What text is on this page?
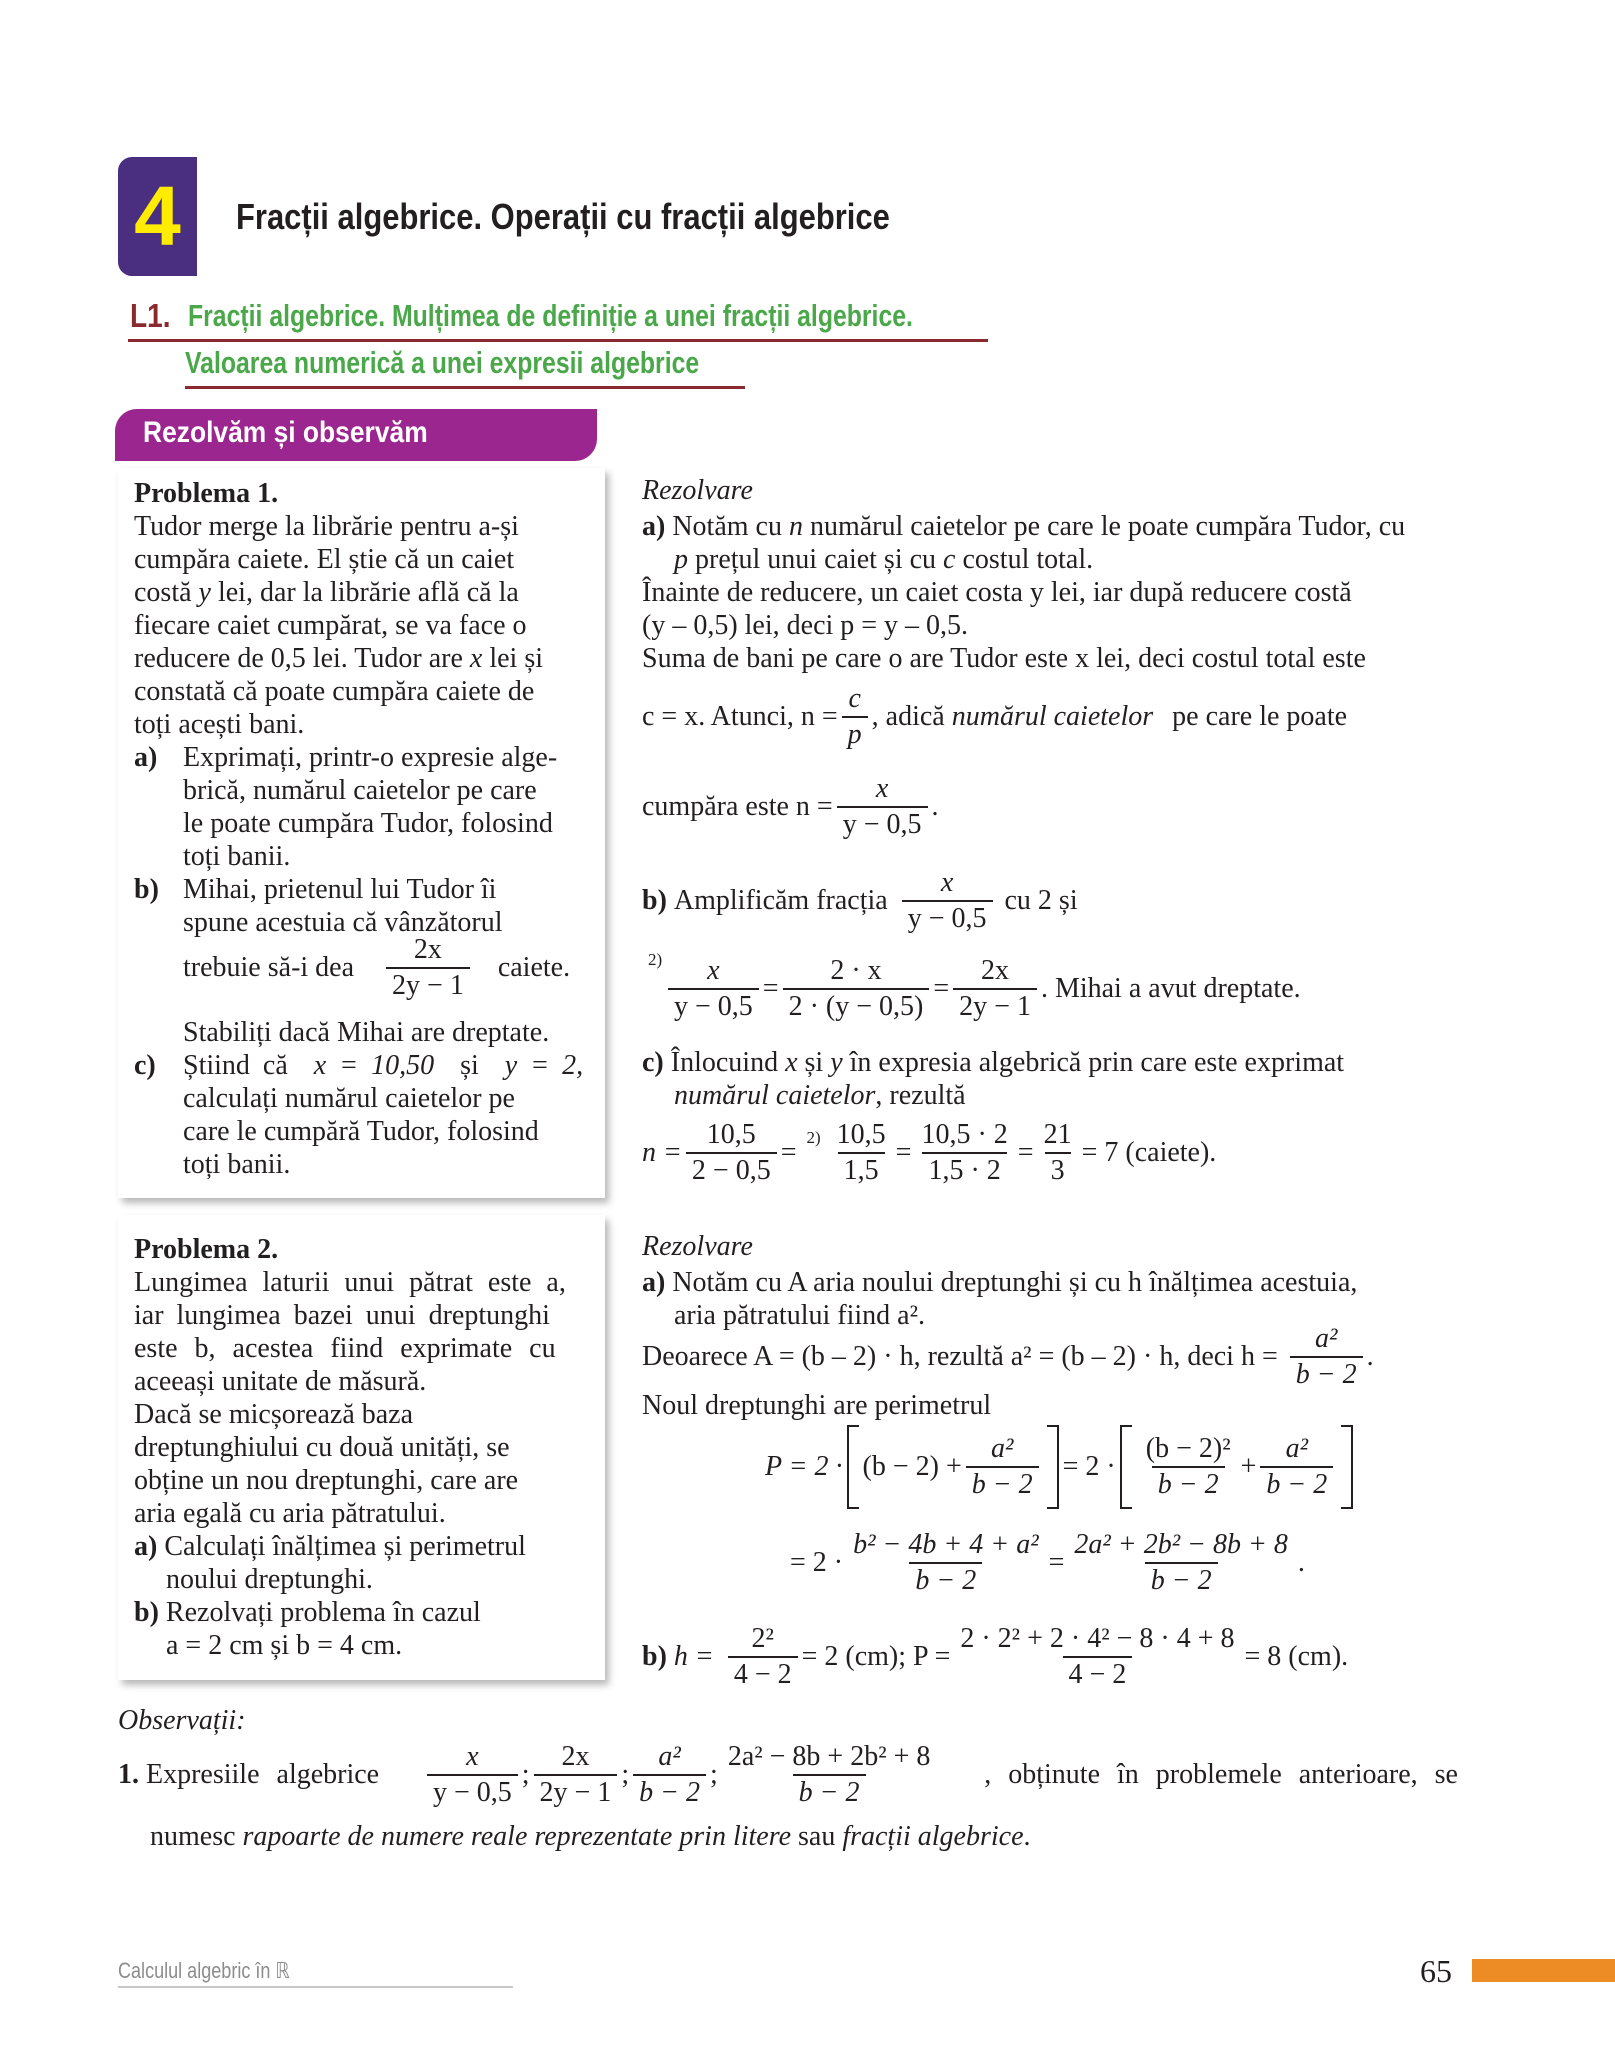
4	Fracții algebrice. Operații cu fracții algebrice
L1. Fracții algebrice. Mulțimea de definiție a unei fracții algebrice.
Valoarea numerică a unei expresii algebrice
Rezolvăm și observăm
Problema 1.
Tudor merge la librărie pentru a-și
cumpăra caiete. El știe că un caiet
costă y lei, dar la librărie află că la
fiecare caiet cumpărat, se va face o
reducere de 0,5 lei. Tudor are x lei și
constată că poate cumpăra caiete de
toți acești bani.
a) Exprimați, printr-o expresie alge-
brică, numărul caietelor pe care
le poate cumpăra Tudor, folosind
toți banii.
b) Mihai, prietenul lui Tudor îi
spune acestuia că vânzătorul
trebuie să-i dea $\frac{2x}{2y - 1}$ caiete.
Stabiliți dacă Mihai are dreptate.
c) Știind că x = 10,50 și y = 2,
calculați numărul caietelor pe
care le cumpără Tudor, folosind
toți banii.
Rezolvare
a) Notăm cu n numărul caietelor pe care le poate cumpăra Tudor, cu
p prețul unui caiet și cu c costul total.
Înainte de reducere, un caiet costa y lei, iar după reducere costă
(y – 0,5) lei, deci p = y – 0,5.
Suma de bani pe care o are Tudor este x lei, deci costul total este
c = x. Atunci, $n = \frac{c}{p}$ , adică
numărul caietelor
pe care le poate
cumpăra este $n = \frac{x}{y - 0,5}$ .
b)
Amplificăm fracția $\frac{x}{y - 0,5}$ cu 2 și
$2) \frac{x}{y - 0,5} = \frac{2 \cdot x}{2 \cdot (y - 0,5)} = \frac{2x}{2y - 1}$ . Mihai a avut dreptate.
c) Înlocuind x și y în expresia algebrică prin care este exprimat
numărul caietelor, rezultă
$n = \frac{10,5}{2 - 0,5} = ^{2)} \frac{10,5}{1,5} = \frac{10,5 \cdot 2}{1,5 \cdot 2} = \frac{21}{3} = 7$ (caiete).
Problema 2.
Lungimea laturii unui pătrat este a,
iar lungimea bazei unui dreptunghi
este b, acestea fiind exprimate cu
aceeași unitate de măsură.
Dacă se micșorează baza
dreptunghiului cu două unități, se
obține un nou dreptunghi, care are
aria egală cu aria pătratului.
a) Calculați înălțimea și perimetrul
noului dreptunghi.
b) Rezolvați problema în cazul
a = 2 cm și b = 4 cm.
Rezolvare
a) Notăm cu A aria noului dreptunghi și cu h înălțimea acestuia,
aria pătratului fiind a².
Deoarece A = (b – 2) · h, rezultă a² = (b – 2) · h, deci $h = \frac{\text{a²}}{b - 2}$ .
Noul dreptunghi are perimetrul
$P = 2 \cdot (b - 2) + \frac{\text{a²}}{b - 2} = 2 \cdot \frac{\text{(b − 2)²}}{b - 2} + \frac{\text{a²}}{b - 2}$
= $2 \cdot \frac{\text{b² − 4b + 4 + a²}}{b - 2} = \frac{\text{2a² + 2b² − 8b + 8}}{b - 2}$ .
b)
$h = \frac{\text{2²}}{4 - 2} = 2$ (cm); $P = \frac{\text{2 · 2² + 2 · 4² − 8 · 4 + 8}}{4 - 2} = 8$ (cm).
Observații:
1. Expresiile algebrice $\frac{x}{y - 0,5}$ ; $\frac{2x}{2y - 1}$ ; $\frac{\text{a²}}{b - 2}$ ; $\frac{\text{2a² − 8b + 2b² + 8}}{b - 2}$ , obținute în problemele anterioare, se
numesc rapoarte de numere reale reprezentate prin litere sau fracții algebrice.
Calculul algebric în ℝ	65
